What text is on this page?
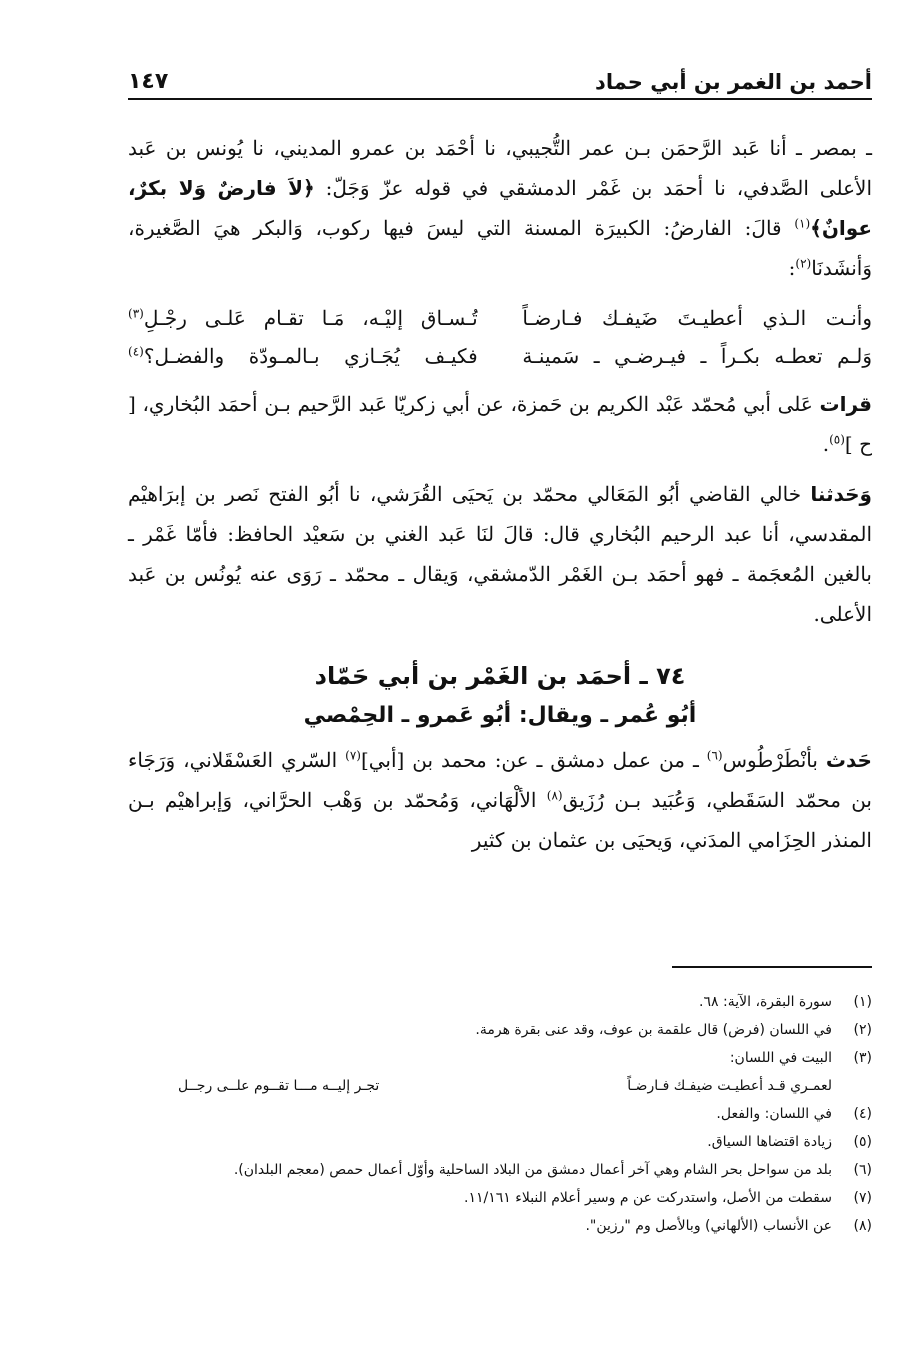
أحمد بن الغمر بن أبي حماد
١٤٧

ـ بمصر ـ أنا عَبد الرَّحمَن بـن عمر التُّجيبي، نا أحْمَد بن عمرو المديني، نا يُونس بن عَبد الأعلى الصَّدفي، نا أحمَد بن غَمْر الدمشقي في قوله عزّ وَجَلّ: ﴿لاَ فارضٌ وَلا بكرٌ، عوانٌ﴾$^{(١)}$ قالَ: الفارضُ: الكبيرَة المسنة التي ليسَ فيها ركوب، وَالبكر هيَ الصَّغيرة، وَأنشَدنَا$^{(٢)}$:

وأنـت الـذي أعطيـتَ ضَيفـك فـارضـاً
تُـسـاق إليْـه، مَـا تقـام عَلـى رجْـلِ$^{(٣)}$
وَلـم تعطـه بكـراً ـ فيـرضـي ـ سَمينـة
فكيـف يُجَـازي بـالمـودّة والفضـل؟$^{(٤)}$

قرات عَلى أبي مُحمّد عَبْد الكريم بن حَمزة، عن أبي زكريّا عَبد الرَّحيم بـن أحمَد البُخاري، [ ح ]$^{(٥)}$.

وَحَدثنا خالي القاضي أبُو المَعَالي محمّد بن يَحيَى القُرَشي، نا أبُو الفتح نَصر بن إبرَاهيْم المقدسي، أنا عبد الرحيم البُخاري قال: قالَ لنَا عَبد الغني بن سَعيْد الحافظ: فأمّا غَمْر ـ بالغين المُعجَمة ـ فهو أحمَد بـن الغَمْر الدّمشقي، وَيقال ـ محمّد ـ رَوَى عنه يُونُس بن عَبد الأعلى.

٧٤ ـ أحمَد بن الغَمْر بن أبي حَمّاد
أبُو عُمر ـ ويقال: أبُو عَمرو ـ الحِمْصي

حَدث بأنْطَرْطُوس$^{(٦)}$ ـ من عمل دمشق ـ عن: محمد بن [أبي]$^{(٧)}$ السّري العَسْقَلاني، وَرَجَاء بن محمّد السَقَطي، وَعُبَيد بـن رُزَيق$^{(٨)}$ الألْهَاني، وَمُحمّد بن وَهْب الحرَّاني، وَإبراهيْم بـن المنذر الحِزَامي المدَني، وَيحيَى بن عثمان بن كثير

(١)
سورة البقرة، الآية: ٦٨.
(٢)
في اللسان (فرض) قال علقمة بن عوف، وقد عنى بقرة هرمة.
(٣)
البيت في اللسان:
لعمـري قـد أعطيـت ضيفـك فـارضـاً
تجـر إليــه مـــا تقــوم علــى رجــل
(٤)
في اللسان: والفعل.
(٥)
زيادة اقتضاها السياق.
(٦)
بلد من سواحل بحر الشام وهي آخر أعمال دمشق من البلاد الساحلية وأوّل أعمال حمص (معجم البلدان).
(٧)
سقطت من الأصل، واستدركت عن م وسير أعلام النبلاء ١١/١٦١.
(٨)
عن الأنساب (الألهاني) وبالأصل وم "رزين".
